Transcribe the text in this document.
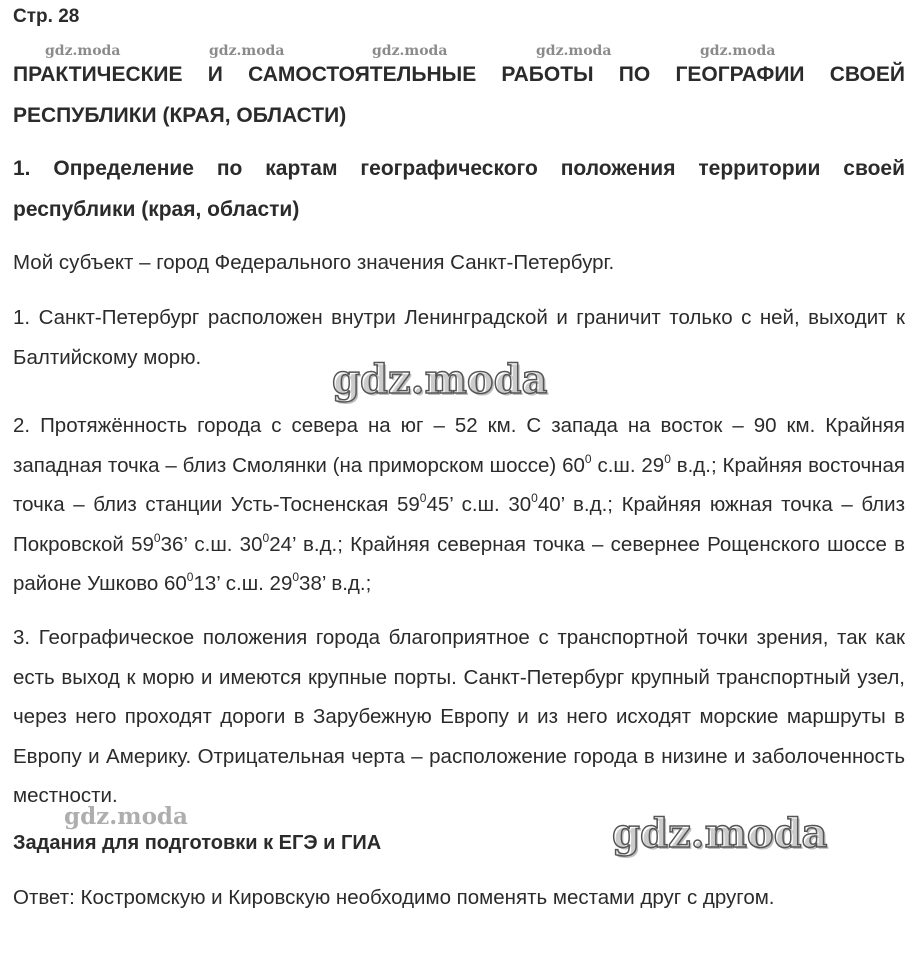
Стр. 28

ПРАКТИЧЕСКИЕ И САМОСТОЯТЕЛЬНЫЕ РАБОТЫ ПО ГЕОГРАФИИ СВОЕЙ РЕСПУБЛИКИ (КРАЯ, ОБЛАСТИ)

1. Определение по картам географического положения территории своей республики (края, области)

Мой субъект – город Федерального значения Санкт-Петербург.

1. Санкт-Петербург расположен внутри Ленинградской и граничит только с ней, выходит к Балтийскому морю.

2. Протяжённость города с севера на юг – 52 км. С запада на восток – 90 км. Крайняя западная точка – близ Смолянки (на приморском шоссе) $60^0$ с.ш. $29^0$ в.д.; Крайняя восточная точка – близ станции Усть-Тосненская $59^045$’ с.ш. $30^040$’ в.д.; Крайняя южная точка – близ Покровской $59^036$’ с.ш. $30^024$’ в.д.; Крайняя северная точка – севернее Рощенского шоссе в районе Ушково $60^013$’ с.ш. $29^038$’ в.д.;

3. Географическое положения города благоприятное с транспортной точки зрения, так как есть выход к морю и имеются крупные порты. Санкт-Петербург крупный транспортный узел, через него проходят дороги в Зарубежную Европу и из него исходят морские маршруты в Европу и Америку. Отрицательная черта – расположение города в низине и заболоченность местности.

Задания для подготовки к ЕГЭ и ГИА
Ответ: Костромскую и Кировскую необходимо поменять местами друг с другом.
gdz.moda	gdz.moda	gdz.moda	gdz.moda	gdz.moda
gdz.moda
gdz.moda	gdz.moda
